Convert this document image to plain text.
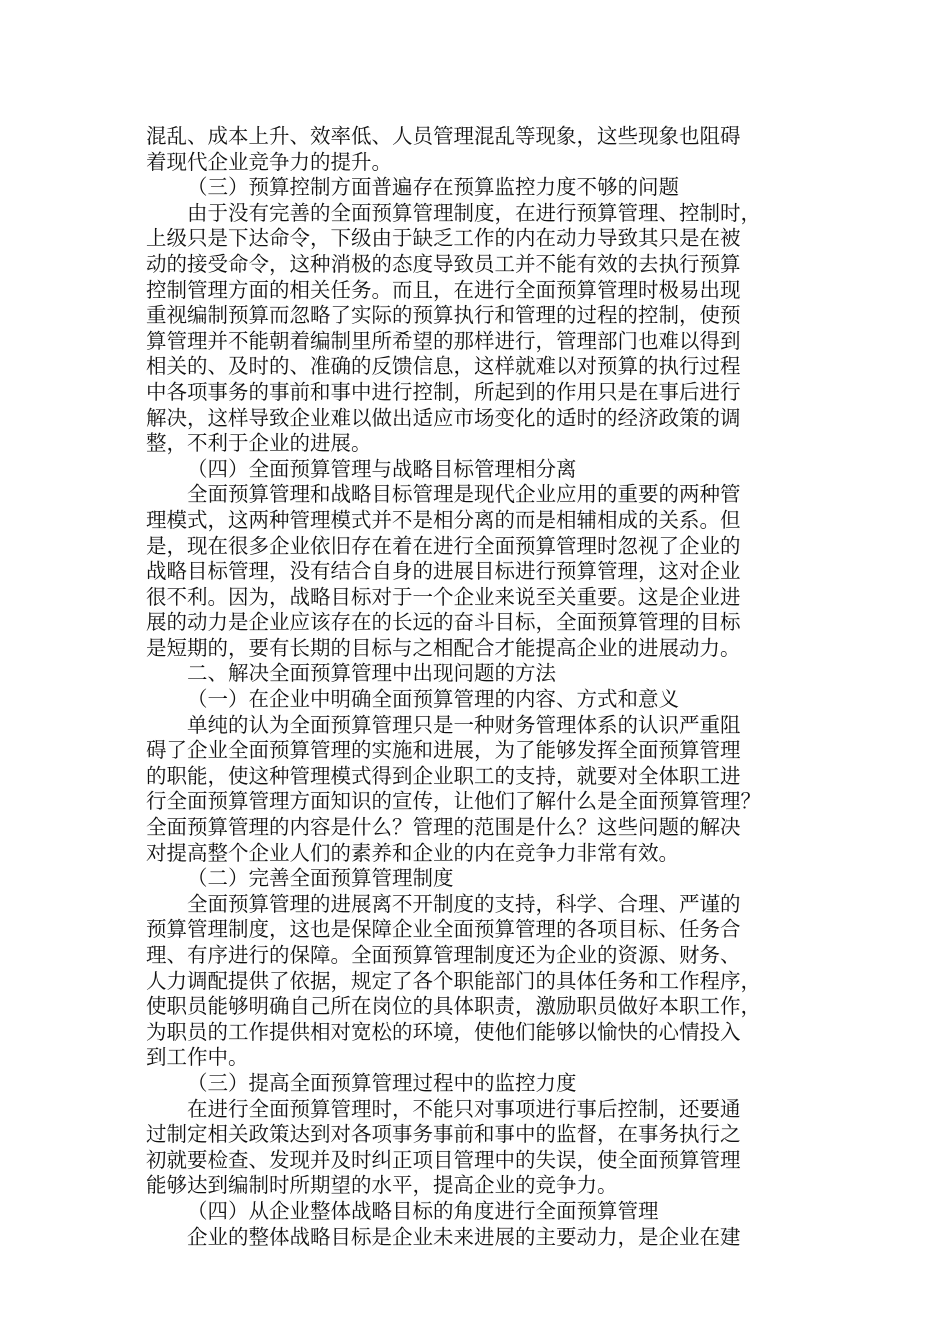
混乱、成本上升、效率低、人员管理混乱等现象，这些现象也阻碍
着现代企业竞争力的提升。
（三）预算控制方面普遍存在预算监控力度不够的问题
由于没有完善的全面预算管理制度，在进行预算管理、控制时，
上级只是下达命令，下级由于缺乏工作的内在动力导致其只是在被
动的接受命令，这种消极的态度导致员工并不能有效的去执行预算
控制管理方面的相关任务。而且，在进行全面预算管理时极易出现
重视编制预算而忽略了实际的预算执行和管理的过程的控制，使预
算管理并不能朝着编制里所希望的那样进行，管理部门也难以得到
相关的、及时的、准确的反馈信息，这样就难以对预算的执行过程
中各项事务的事前和事中进行控制，所起到的作用只是在事后进行
解决，这样导致企业难以做出适应市场变化的适时的经济政策的调
整，不利于企业的进展。
（四）全面预算管理与战略目标管理相分离
全面预算管理和战略目标管理是现代企业应用的重要的两种管
理模式，这两种管理模式并不是相分离的而是相辅相成的关系。但
是，现在很多企业依旧存在着在进行全面预算管理时忽视了企业的
战略目标管理，没有结合自身的进展目标进行预算管理，这对企业
很不利。因为，战略目标对于一个企业来说至关重要。这是企业进
展的动力是企业应该存在的长远的奋斗目标，全面预算管理的目标
是短期的，要有长期的目标与之相配合才能提高企业的进展动力。
二、解决全面预算管理中出现问题的方法
（一）在企业中明确全面预算管理的内容、方式和意义
单纯的认为全面预算管理只是一种财务管理体系的认识严重阻
碍了企业全面预算管理的实施和进展，为了能够发挥全面预算管理
的职能，使这种管理模式得到企业职工的支持，就要对全体职工进
行全面预算管理方面知识的宣传，让他们了解什么是全面预算管理？
全面预算管理的内容是什么？管理的范围是什么？这些问题的解决
对提高整个企业人们的素养和企业的内在竞争力非常有效。
（二）完善全面预算管理制度
全面预算管理的进展离不开制度的支持，科学、合理、严谨的
预算管理制度，这也是保障企业全面预算管理的各项目标、任务合
理、有序进行的保障。全面预算管理制度还为企业的资源、财务、
人力调配提供了依据，规定了各个职能部门的具体任务和工作程序，
使职员能够明确自己所在岗位的具体职责，激励职员做好本职工作，
为职员的工作提供相对宽松的环境，使他们能够以愉快的心情投入
到工作中。
（三）提高全面预算管理过程中的监控力度
在进行全面预算管理时，不能只对事项进行事后控制，还要通
过制定相关政策达到对各项事务事前和事中的监督，在事务执行之
初就要检查、发现并及时纠正项目管理中的失误，使全面预算管理
能够达到编制时所期望的水平，提高企业的竞争力。
（四）从企业整体战略目标的角度进行全面预算管理
企业的整体战略目标是企业未来进展的主要动力，是企业在建
